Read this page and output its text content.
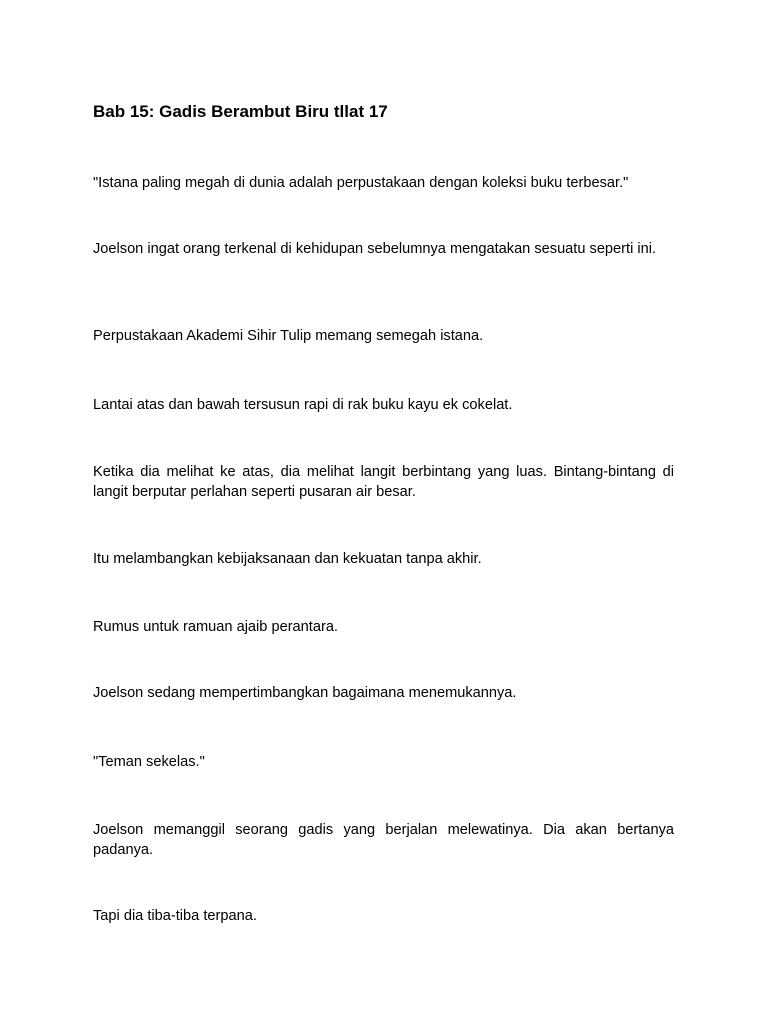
Bab 15: Gadis Berambut Biru tllat 17

"Istana paling megah di dunia adalah perpustakaan dengan koleksi buku terbesar."

Joelson ingat orang terkenal di kehidupan sebelumnya mengatakan sesuatu seperti ini.

Perpustakaan Akademi Sihir Tulip memang semegah istana.

Lantai atas dan bawah tersusun rapi di rak buku kayu ek cokelat.

Ketika dia melihat ke atas, dia melihat langit berbintang yang luas. Bintang-bintang di langit berputar perlahan seperti pusaran air besar.

Itu melambangkan kebijaksanaan dan kekuatan tanpa akhir.

Rumus untuk ramuan ajaib perantara.

Joelson sedang mempertimbangkan bagaimana menemukannya.

"Teman sekelas."

Joelson memanggil seorang gadis yang berjalan melewatinya. Dia akan bertanya padanya.

Tapi dia tiba-tiba terpana.
